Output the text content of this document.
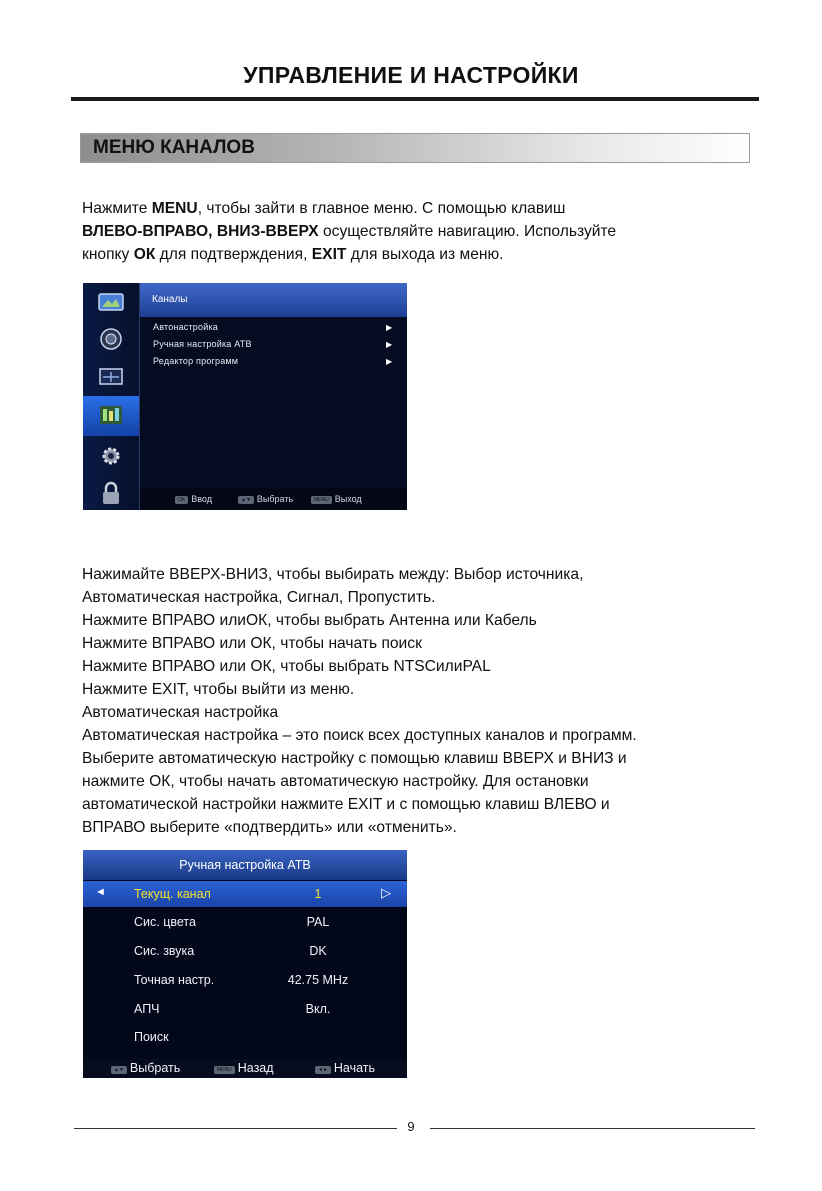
УПРАВЛЕНИЕ И НАСТРОЙКИ
МЕНЮ КАНАЛОВ

Нажмите MENU, чтобы зайти в главное меню. С помощью клавиш

ВЛЕВО-ВПРАВО, ВНИЗ-ВВЕРХ осуществляйте навигацию. Используйте

кнопку ОК для подтверждения, EXIT для выхода из меню.

Каналы
Автонастройка	▶
Ручная настройка ATB	▶
Редактор программ	▶
OK Ввод	▲▼ Выбрать	MENU Выход

Нажимайте ВВЕРХ-ВНИЗ, чтобы выбирать между: Выбор источника,

Автоматическая настройка, Сигнал, Пропустить.

Нажмите ВПРАВО илиОК, чтобы выбрать Антенна или Кабель

Нажмите ВПРАВО или ОК, чтобы начать поиск

Нажмите ВПРАВО или ОК, чтобы выбрать NTSCилиPAL

Нажмите EXIT, чтобы выйти из меню.

Автоматическая настройка

Автоматическая настройка – это поиск всех доступных каналов и программ.

Выберите автоматическую настройку с помощью клавиш ВВЕРХ и ВНИЗ и

нажмите ОК, чтобы начать автоматическую настройку. Для остановки

автоматической настройки нажмите EXIT и с помощью клавиш ВЛЕВО и

ВПРАВО выберите «подтвердить» или «отменить».

Ручная настройка ATB
◄	▷
Текущ. канал	1
Сис. цвета	PAL
Сис. звука	DK
Точная настр.	42.75 MHz
АПЧ	Вкл.
Поиск
▲▼ Выбрать	MENU Назад	◄► Начать
9
